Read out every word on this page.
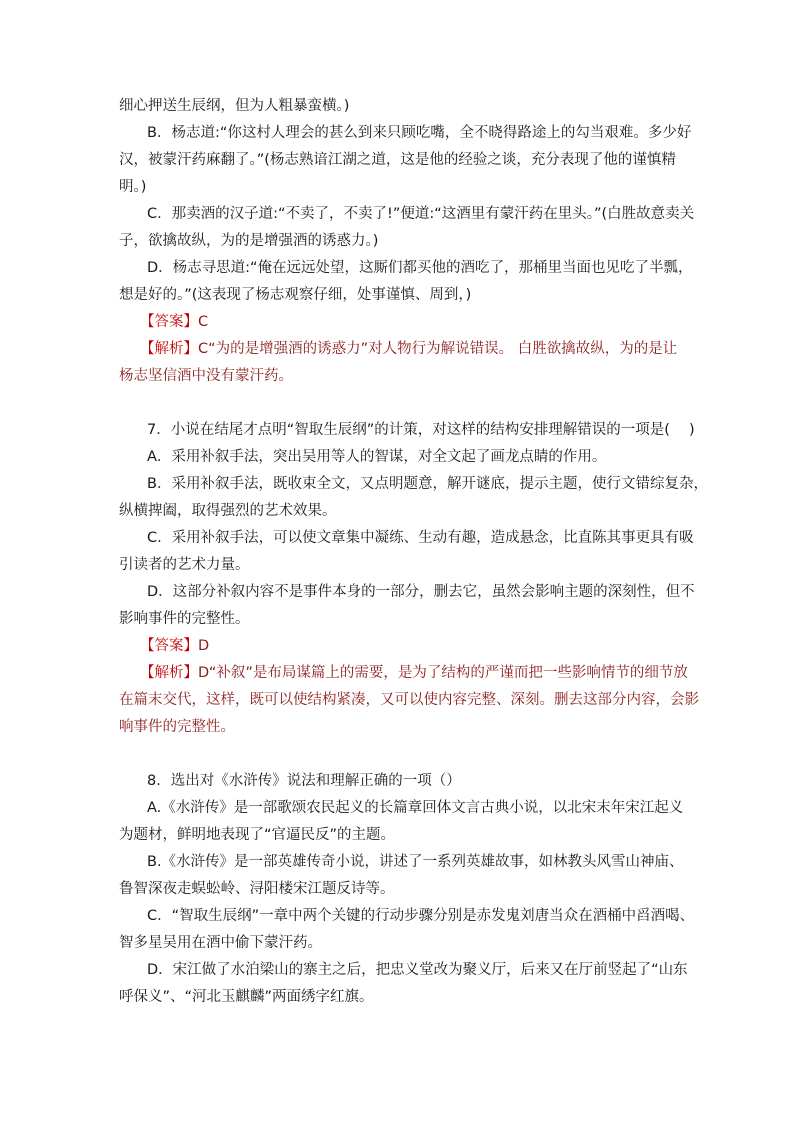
细心押送生辰纲，但为人粗暴蛮横。)
B．杨志道:“你这村人理会的甚么到来只顾吃嘴，全不晓得路途上的勾当艰难。多少好
汉，被蒙汗药麻翻了。”(杨志熟谙江湖之道，这是他的经验之谈，充分表现了他的谨慎精
明。)
C．那卖酒的汉子道:“不卖了，不卖了!”便道:“这酒里有蒙汗药在里头。”(白胜故意卖关
子，欲擒故纵，为的是增强酒的诱惑力。)
D．杨志寻思道:“俺在远远处望，这厮们都买他的酒吃了，那桶里当面也见吃了半瓢，
想是好的。”(这表现了杨志观察仔细，处事谨慎、周到，)
【答案】C
【解析】C“为的是增强酒的诱惑力”对人物行为解说错误。 白胜欲擒故纵，为的是让
杨志坚信酒中没有蒙汗药。
7．小说在结尾才点明“智取生辰纲”的计策，对这样的结构安排理解错误的一项是(　 )
A．采用补叙手法，突出吴用等人的智谋，对全文起了画龙点睛的作用。
B．采用补叙手法，既收束全文，又点明题意，解开谜底，提示主题，使行文错综复杂，
纵横捭阖，取得强烈的艺术效果。
C．采用补叙手法，可以使文章集中凝练、生动有趣，造成悬念，比直陈其事更具有吸
引读者的艺术力量。
D．这部分补叙内容不是事件本身的一部分，删去它，虽然会影响主题的深刻性，但不
影响事件的完整性。
【答案】D
【解析】D“补叙”是布局谋篇上的需要，是为了结构的严谨而把一些影响情节的细节放
在篇末交代，这样，既可以使结构紧凑，又可以使内容完整、深刻。删去这部分内容，会影
响事件的完整性。
8．选出对《水浒传》说法和理解正确的一项（）
A.《水浒传》是一部歌颂农民起义的长篇章回体文言古典小说，以北宋末年宋江起义
为题材，鲜明地表现了“官逼民反”的主题。
B.《水浒传》是一部英雄传奇小说，讲述了一系列英雄故事，如林教头风雪山神庙、
鲁智深夜走蜈蚣岭、浔阳楼宋江题反诗等。
C．“智取生辰纲”一章中两个关键的行动步骤分别是赤发鬼刘唐当众在酒桶中舀酒喝、
智多星吴用在酒中偷下蒙汗药。
D．宋江做了水泊梁山的寨主之后，把忠义堂改为聚义厅，后来又在厅前竖起了“山东
呼保义”、“河北玉麒麟”两面绣字红旗。
